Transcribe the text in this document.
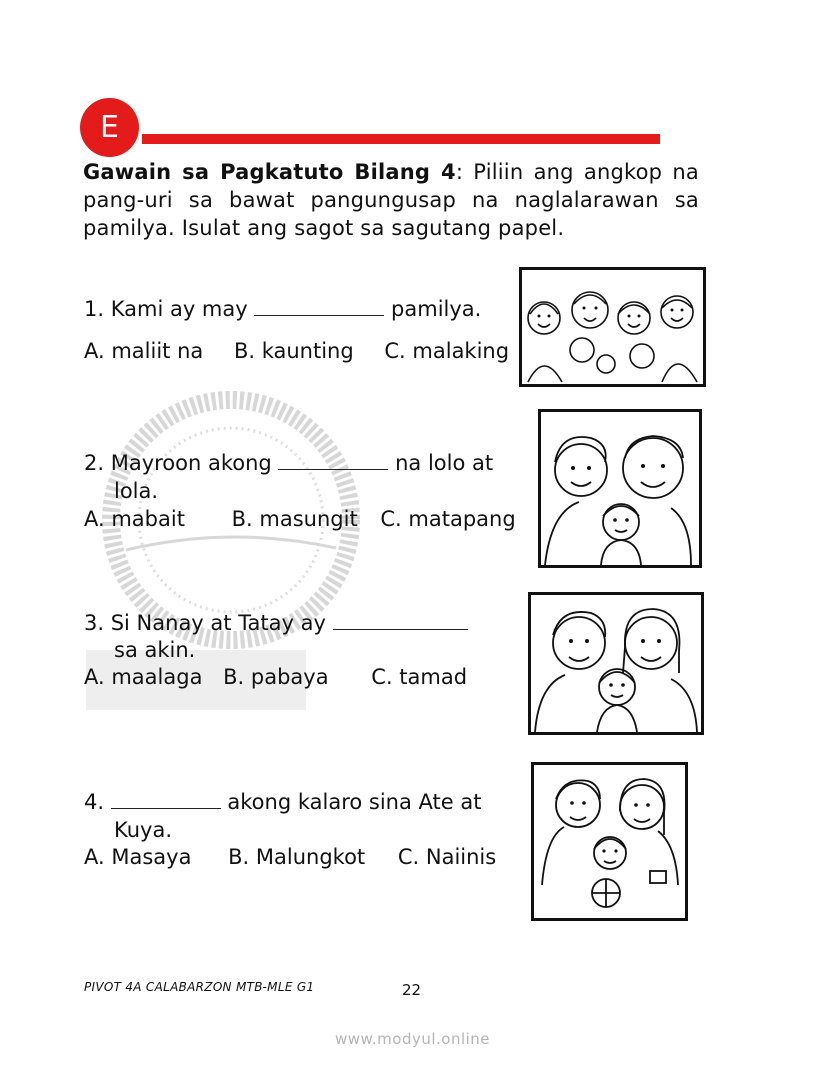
E
Gawain sa Pagkatuto Bilang 4: Piliin ang angkop na pang-uri sa bawat pangungusap na naglalarawan sa pamilya. Isulat ang sagot sa sagutang papel.
1. Kami ay may	pamilya.
A. maliit na B. kaunting C. malaking
2. Mayroon akong	na lolo at
lola.
A. mabait B. masungit C. matapang
3. Si Nanay at Tatay ay
sa akin.
A. maalaga B. pabaya C. tamad
4.	akong kalaro sina Ate at
Kuya.
A. Masaya B. Malungkot C. Naiinis
PIVOT 4A CALABARZON MTB-MLE G1	22
www.modyul.online
